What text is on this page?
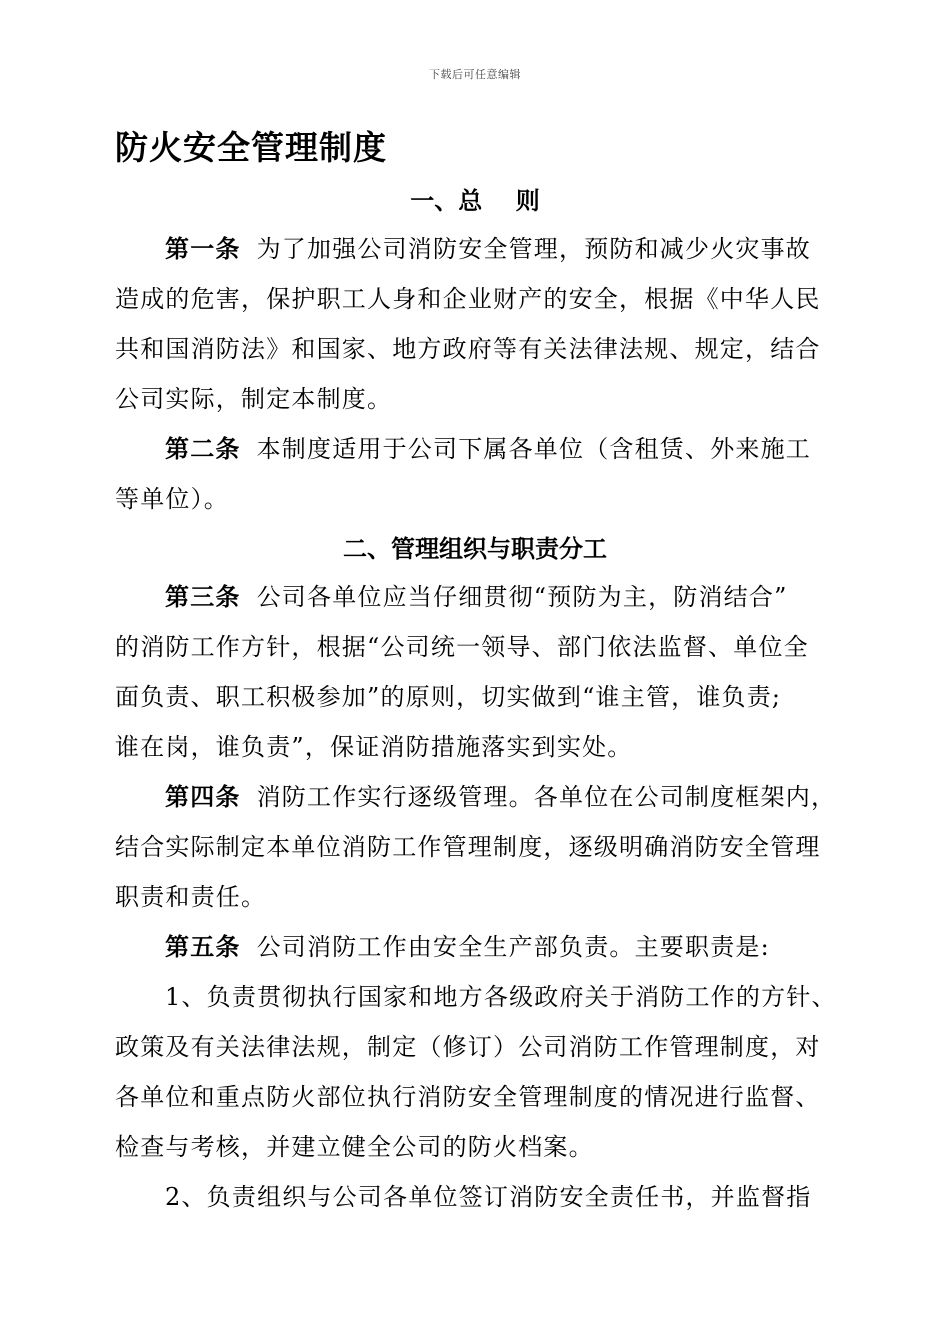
下载后可任意编辑
防火安全管理制度
一、总    则
第一条 为了加强公司消防安全管理，预防和减少火灾事故
造成的危害，保护职工人身和企业财产的安全，根据《中华人民
共和国消防法》和国家、地方政府等有关法律法规、规定，结合
公司实际，制定本制度。
第二条 本制度适用于公司下属各单位（含租赁、外来施工
等单位）。
二、管理组织与职责分工
第三条 公司各单位应当仔细贯彻“预防为主，防消结合”
的消防工作方针，根据“公司统一领导、部门依法监督、单位全
面负责、职工积极参加”的原则，切实做到“谁主管，谁负责;
谁在岗，谁负责”，保证消防措施落实到实处。
第四条 消防工作实行逐级管理。各单位在公司制度框架内，
结合实际制定本单位消防工作管理制度，逐级明确消防安全管理
职责和责任。
第五条 公司消防工作由安全生产部负责。主要职责是:
1、负责贯彻执行国家和地方各级政府关于消防工作的方针、
政策及有关法律法规，制定（修订）公司消防工作管理制度，对
各单位和重点防火部位执行消防安全管理制度的情况进行监督、
检查与考核，并建立健全公司的防火档案。
2、负责组织与公司各单位签订消防安全责任书，并监督指
